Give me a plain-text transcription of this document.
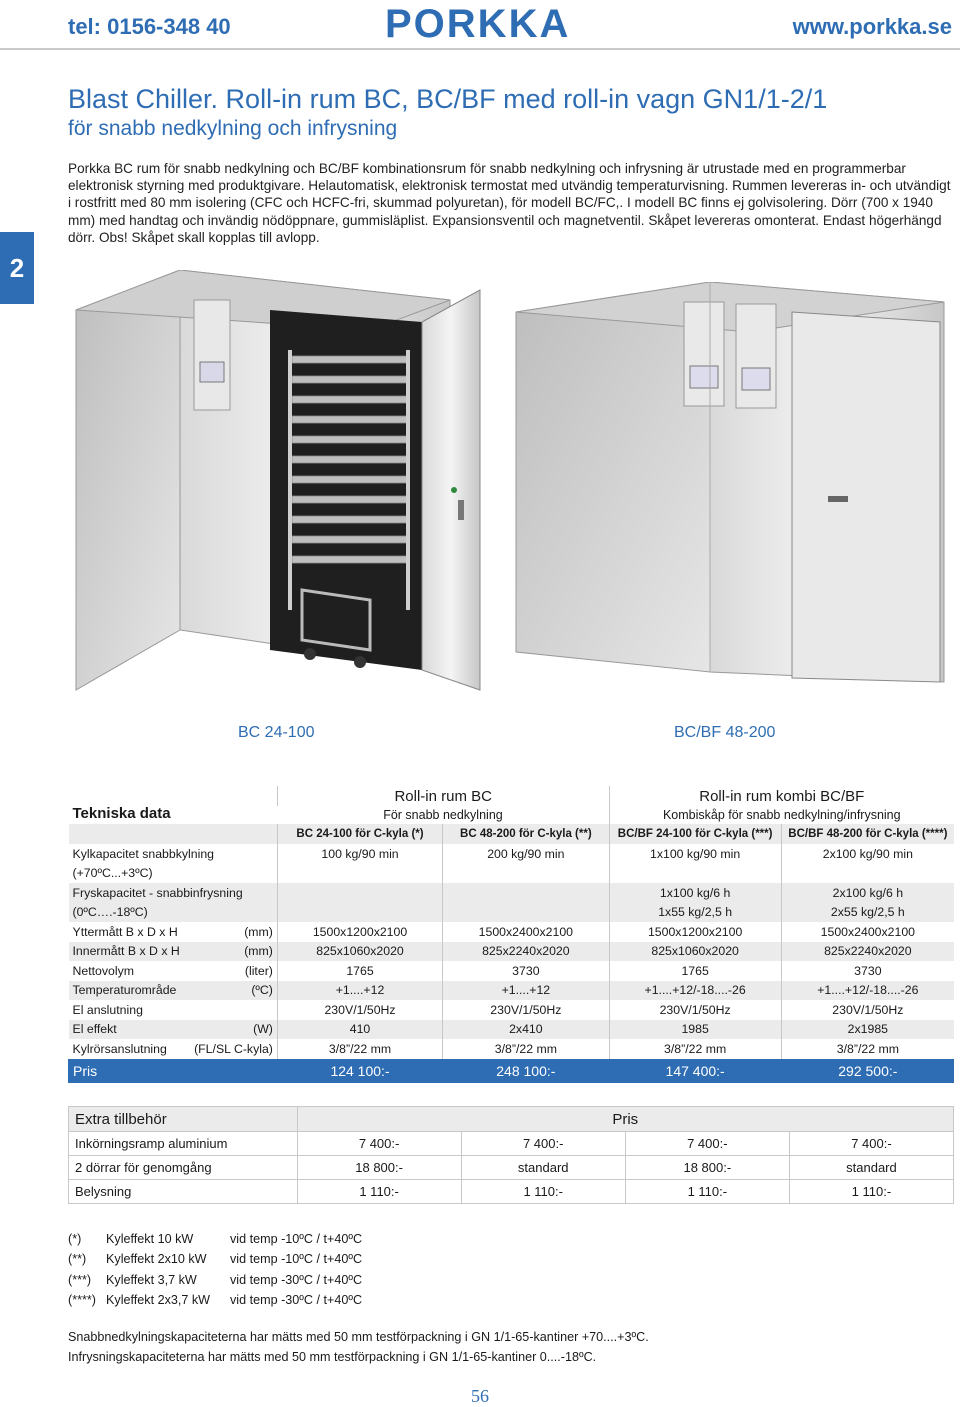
tel: 0156-348 40	PORKKA	www.porkka.se
Blast Chiller. Roll-in rum BC, BC/BF med roll-in vagn GN1/1-2/1
för snabb nedkylning och infrysning
Porkka BC rum för snabb nedkylning och BC/BF kombinationsrum för snabb nedkylning och infrysning är utrustade med en programmerbar elektronisk styrning med produktgivare. Helautomatisk, elektronisk termostat med utvändig temperaturvisning. Rummen levereras in- och utvändigt i rostfritt med 80 mm isolering (CFC och HCFC-fri, skummad polyuretan), för modell BC/FC,. I modell BC finns ej golvisolering. Dörr (700 x 1940 mm) med handtag och invändig nödöppnare, gummisläplist. Expansionsventil och magnetventil. Skåpet levereras omonterat. Endast högerhängd dörr. Obs! Skåpet skall kopplas till avlopp.
2
BC 24-100	BC/BF 48-200
Tekniska data	Roll-in rum BC		Roll-in rum kombi BC/BF	
	För snabb nedkylning		Kombiskåp för snabb nedkylning/infrysning	
	BC 24-100 för C-kyla (*)	BC 48-200 för C-kyla (**)	BC/BF 24-100 för C-kyla (***)	BC/BF 48-200 för C-kyla (****)
Kylkapacitet snabbkylning	100 kg/90 min	200 kg/90 min	1x100 kg/90 min	2x100 kg/90 min
(+70ºC...+3ºC)				
Fryskapacitet - snabbinfrysning			1x100 kg/6 h	2x100 kg/6 h
(0ºC….-18ºC)			1x55 kg/2,5 h	2x55 kg/2,5 h
Yttermått B x D x H (mm)	1500x1200x2100	1500x2400x2100	1500x1200x2100	1500x2400x2100
Innermått B x D x H (mm)	825x1060x2020	825x2240x2020	825x1060x2020	825x2240x2020
Nettovolym (liter)	1765	3730	1765	3730
Temperaturområde (ºC)	+1....+12	+1....+12	+1....+12/-18....-26	+1....+12/-18....-26
El anslutning	230V/1/50Hz	230V/1/50Hz	230V/1/50Hz	230V/1/50Hz
El effekt (W)	410	2x410	1985	2x1985
Kylrörsanslutning (FL/SL C-kyla)	3/8”/22 mm	3/8”/22 mm	3/8”/22 mm	3/8”/22 mm
Pris	124 100:-	248 100:-	147 400:-	292 500:-
Extra tillbehör	Pris			
Inkörningsramp aluminium	7 400:-	7 400:-	7 400:-	7 400:-
2 dörrar för genomgång	18 800:-	standard	18 800:-	standard
Belysning	1 110:-	1 110:-	1 110:-	1 110:-
(*) Kyleffekt 10 kW	vid temp -10ºC / t+40ºC
(**) Kyleffekt 2x10 kW vid temp -10ºC / t+40ºC
(***) Kyleffekt 3,7 kW	vid temp -30ºC / t+40ºC
(****) Kyleffekt 2x3,7 kW vid temp -30ºC / t+40ºC
Snabbnedkylningskapaciteterna har mätts med 50 mm testförpackning i GN 1/1-65-kantiner +70....+3ºC.
Infrysningskapaciteterna har mätts med 50 mm testförpackning i GN 1/1-65-kantiner 0....-18ºC.
56
